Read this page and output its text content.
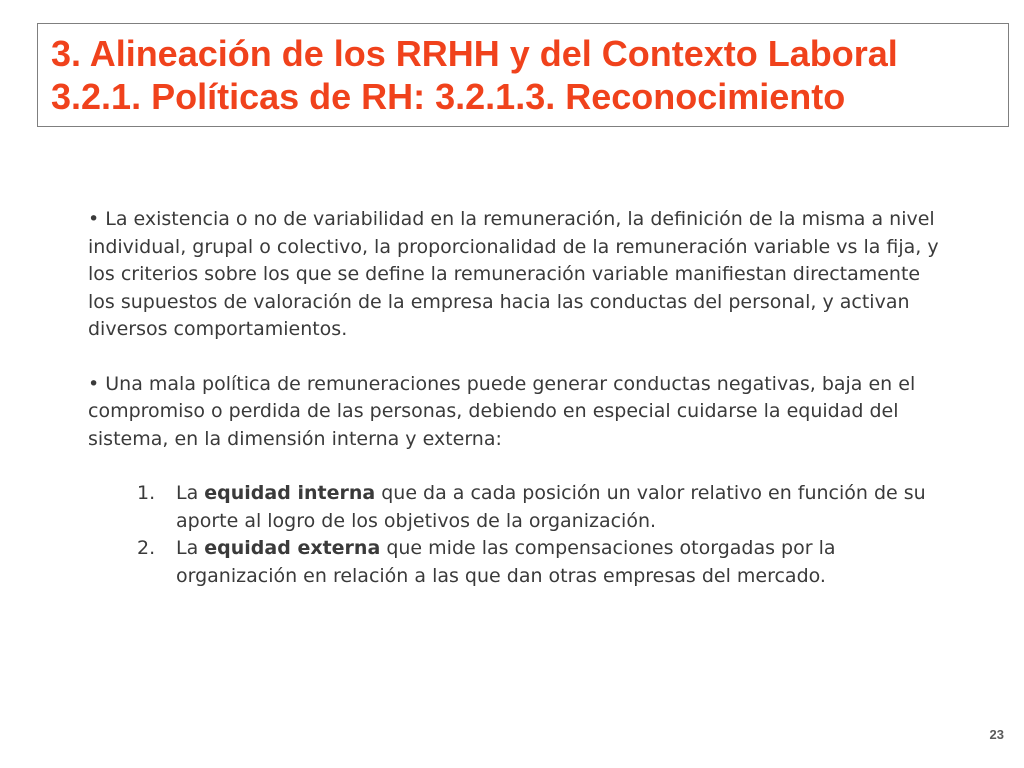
3. Alineación de los RRHH y del Contexto Laboral
3.2.1. Políticas de RH: 3.2.1.3. Reconocimiento

• La existencia o no de variabilidad en la remuneración, la definición de la misma a nivel individual, grupal o colectivo, la proporcionalidad de la remuneración variable vs la fija, y los criterios sobre los que se define la remuneración variable manifiestan directamente los supuestos de valoración de la empresa hacia las conductas del personal, y activan diversos comportamientos.

• Una mala política de remuneraciones puede generar conductas negativas, baja en el compromiso o perdida de las personas, debiendo en especial cuidarse la equidad del sistema, en la dimensión interna y externa:

1. La equidad interna que da a cada posición un valor relativo en función de su aporte al logro de los objetivos de la organización.
2. La equidad externa que mide las compensaciones otorgadas por la organización en relación a las que dan otras empresas del mercado.
23
